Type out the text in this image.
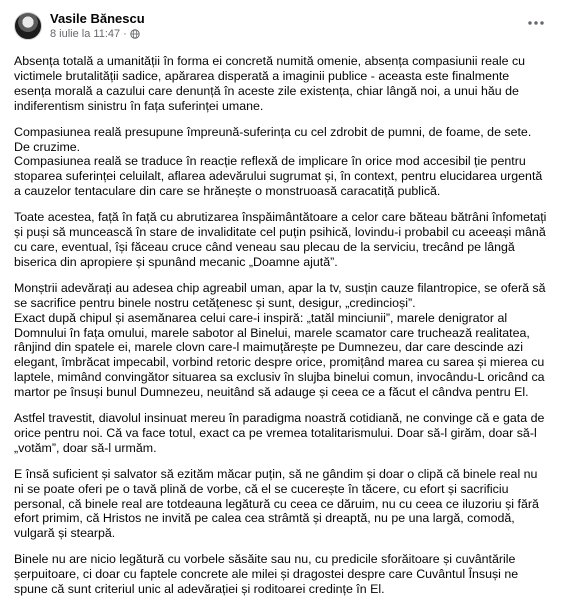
Vasile Bănescu
8 iulie la 11:47 ·

Absența totală a umanității în forma ei concretă numită omenie, absența compasiunii reale cu victimele brutalității sadice, apărarea disperată a imaginii publice - aceasta este finalmente esența morală a cazului care denunță în aceste zile existența, chiar lângă noi, a unui hău de indiferentism sinistru în fața suferinței umane.

Compasiunea reală presupune împreună-suferința cu cel zdrobit de pumni, de foame, de sete. De cruzime.

Compasiunea reală se traduce în reacție reflexă de implicare în orice mod accesibil ție pentru stoparea suferinței celuilalt, aflarea adevărului sugrumat și, în context, pentru elucidarea urgentă a cauzelor tentaculare din care se hrănește o monstruoasă caracatiță publică.

Toate acestea, față în față cu abrutizarea înspăimântătoare a celor care băteau bătrâni înfometați și puși să muncească în stare de invaliditate cel puțin psihică, lovindu-i probabil cu aceeași mână cu care, eventual, își făceau cruce când veneau sau plecau de la serviciu, trecând pe lângă biserica din apropiere și spunând mecanic „Doamne ajută”.

Monștrii adevărați au adesea chip agreabil uman, apar la tv, susțin cauze filantropice, se oferă să se sacrifice pentru binele nostru cetățenesc și sunt, desigur, „credincioși”.

Exact după chipul și asemănarea celui care-i inspiră: „tatăl minciunii”, marele denigrator al Domnului în fața omului, marele sabotor al Binelui, marele scamator care truchează realitatea, rânjind din spatele ei, marele clovn care-l maimuțărește pe Dumnezeu, dar care descinde azi elegant, îmbrăcat impecabil, vorbind retoric despre orice, promițând marea cu sarea și mierea cu laptele, mimând convingător situarea sa exclusiv în slujba binelui comun, invocându-L oricând ca martor pe însuși bunul Dumnezeu, neuitând să adauge și ceea ce a făcut el cândva pentru El.

Astfel travestit, diavolul insinuat mereu în paradigma noastră cotidiană, ne convinge că e gata de orice pentru noi. Că va face totul, exact ca pe vremea totalitarismului. Doar să-l girăm, doar să-l „votăm”, doar să-l urmăm.

E însă suficient și salvator să ezităm măcar puțin, să ne gândim și doar o clipă că binele real nu ni se poate oferi pe o tavă plină de vorbe, că el se cucerește în tăcere, cu efort și sacrificiu personal, că binele real are totdeauna legătură cu ceea ce dăruim, nu cu ceea ce iluzoriu și fără efort primim, că Hristos ne invită pe calea cea strâmtă și dreaptă, nu pe una largă, comodă, vulgară și stearpă.

Binele nu are nicio legătură cu vorbele săsăite sau nu, cu predicile sforăitoare și cuvântările șerpuitoare, ci doar cu faptele concrete ale milei și dragostei despre care Cuvântul Însuși ne spune că sunt criteriul unic al adevărației și roditoarei credințe în El.
